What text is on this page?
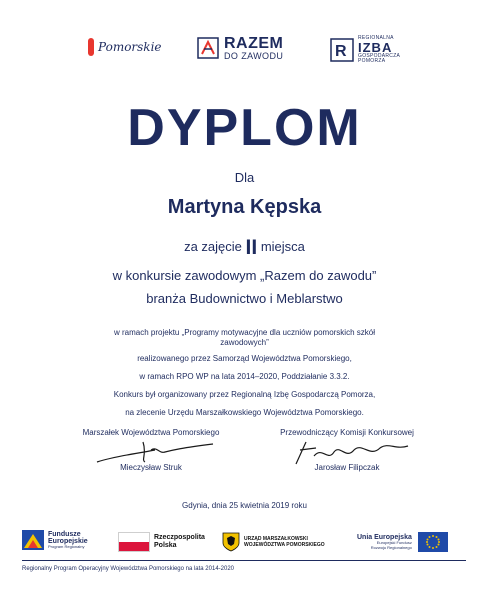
Pomorskie	RAZEM
DO ZAWODU	R
REGIONALNA
IZBA
GOSPODARCZA
POMORZA
DYPLOM
Dla
Martyna Kępska
za zajęcie II miejsca
w konkursie zawodowym „Razem do zawodu”
branża Budownictwo i Meblarstwo
w ramach projektu „Programy motywacyjne dla uczniów pomorskich szkół zawodowych”
realizowanego przez Samorząd Województwa Pomorskiego,
w ramach RPO WP na lata 2014–2020, Poddziałanie 3.3.2.
Konkurs był organizowany przez Regionalną Izbę Gospodarczą Pomorza,
na zlecenie Urzędu Marszałkowskiego Województwa Pomorskiego.
Marszałek Województwa Pomorskiego
Mieczysław Struk
Przewodniczący Komisji Konkursowej
Jarosław Filipczak
Gdynia, dnia 25 kwietnia 2019 roku
Fundusze
Europejskie
Program Regionalny
Rzeczpospolita
Polska
URZĄD MARSZAŁKOWSKI
WOJEWÓDZTWA POMORSKIEGO
Unia Europejska
Europejski Fundusz
Rozwoju Regionalnego
Regionalny Program Operacyjny Województwa Pomorskiego na lata 2014-2020
